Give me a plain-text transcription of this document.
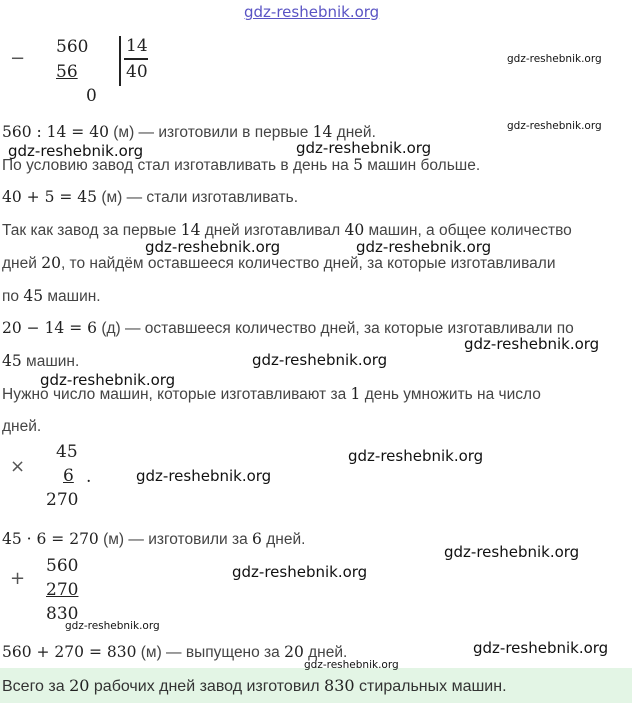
gdz-reshebnik.org
−
560
56
0
14
40
gdz-reshebnik.org
560 : 14 = 40 (м) — изготовили в первые 14 дней.	gdz-reshebnik.org
gdz-reshebnik.org	gdz-reshebnik.org
По условию завод стал изготавливать в день на 5 машин больше.
40 + 5 = 45 (м) — стали изготавливать.
Так как завод за первые 14 дней изготавливал 40 машин, а общее количество
gdz-reshebnik.org	gdz-reshebnik.org
дней 20, то найдём оставшееся количество дней, за которые изготавливали
по 45 машин.
20 − 14 = 6 (д) — оставшееся количество дней, за которые изготавливали по
gdz-reshebnik.org
45 машин.	gdz-reshebnik.org
gdz-reshebnik.org
Нужно число машин, которые изготавливают за 1 день умножить на число
дней.
×
45
6
270
.
gdz-reshebnik.org
gdz-reshebnik.org
45 · 6 = 270 (м) — изготовили за 6 дней.
gdz-reshebnik.org
+
560
270
830
gdz-reshebnik.org
gdz-reshebnik.org
gdz-reshebnik.org
560 + 270 = 830 (м) — выпущено за 20 дней.
gdz-reshebnik.org
Всего за 20 рабочих дней завод изготовил 830 стиральных машин.
